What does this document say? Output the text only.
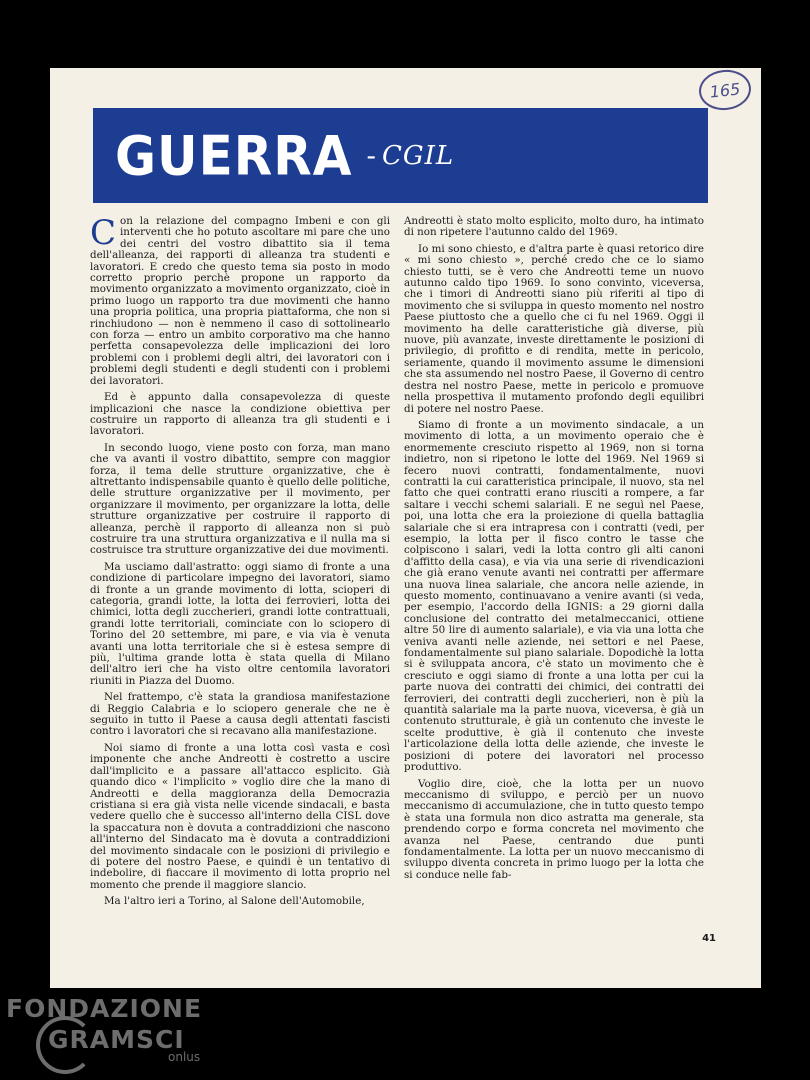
165
GUERRA - CGIL

Con la relazione del compagno Imbeni e con gli interventi che ho potuto ascoltare mi pare che uno dei centri del vostro dibattito sia il tema dell'alleanza, dei rapporti di alleanza tra studenti e lavoratori. E credo che questo tema sia posto in modo corretto proprio perchè propone un rapporto da movimento organizzato a movimento organizzato, cioè in primo luogo un rapporto tra due movimenti che hanno una propria politica, una propria piattaforma, che non si rinchiudono — non è nemmeno il caso di sottolinearlo con forza — entro un ambito corporativo ma che hanno perfetta consapevolezza delle implicazioni dei loro problemi con i problemi degli altri, dei lavoratori con i problemi degli studenti e degli studenti con i problemi dei lavoratori.

Ed è appunto dalla consapevolezza di queste implicazioni che nasce la condizione obiettiva per costruire un rapporto di alleanza tra gli studenti e i lavoratori.

In secondo luogo, viene posto con forza, man mano che va avanti il vostro dibattito, sempre con maggior forza, il tema delle strutture organizzative, che è altrettanto indispensabile quanto è quello delle politiche, delle strutture organizzative per il movimento, per organizzare il movimento, per organizzare la lotta, delle strutture organizzative per costruire il rapporto di alleanza, perchè il rapporto di alleanza non si può costruire tra una struttura organizzativa e il nulla ma si costruisce tra strutture organizzative dei due movimenti.

Ma usciamo dall'astratto: oggi siamo di fronte a una condizione di particolare impegno dei lavoratori, siamo di fronte a un grande movimento di lotta, scioperi di categoria, grandi lotte, la lotta dei ferrovieri, lotta dei chimici, lotta degli zuccherieri, grandi lotte contrattuali, grandi lotte territoriali, cominciate con lo sciopero di Torino del 20 settembre, mi pare, e via via è venuta avanti una lotta territoriale che si è estesa sempre di più, l'ultima grande lotta è stata quella di Milano dell'altro ieri che ha visto oltre centomila lavoratori riuniti in Piazza del Duomo.

Nel frattempo, c'è stata la grandiosa manifestazione di Reggio Calabria e lo sciopero generale che ne è seguito in tutto il Paese a causa degli attentati fascisti contro i lavoratori che si recavano alla manifestazione.

Noi siamo di fronte a una lotta così vasta e così imponente che anche Andreotti è costretto a uscire dall'implicito e a passare all'attacco esplicito. Già quando dico « l'implicito » voglio dire che la mano di Andreotti e della maggioranza della Democrazia cristiana si era già vista nelle vicende sindacali, e basta vedere quello che è successo all'interno della CISL dove la spaccatura non è dovuta a contraddizioni che nascono all'interno del Sindacato ma è dovuta a contraddizioni del movimento sindacale con le posizioni di privilegio e di potere del nostro Paese, e quindi è un tentativo di indebolire, di fiaccare il movimento di lotta proprio nel momento che prende il maggiore slancio.

Ma l'altro ieri a Torino, al Salone dell'Automobile,

Andreotti è stato molto esplicito, molto duro, ha intimato di non ripetere l'autunno caldo del 1969.

Io mi sono chiesto, e d'altra parte è quasi retorico dire « mi sono chiesto », perché credo che ce lo siamo chiesto tutti, se è vero che Andreotti teme un nuovo autunno caldo tipo 1969. Io sono convinto, viceversa, che i timori di Andreotti siano più riferiti al tipo di movimento che si sviluppa in questo momento nel nostro Paese piuttosto che a quello che ci fu nel 1969. Oggi il movimento ha delle caratteristiche già diverse, più nuove, più avanzate, investe direttamente le posizioni di privilegio, di profitto e di rendita, mette in pericolo, seriamente, quando il movimento assume le dimensioni che sta assumendo nel nostro Paese, il Governo di centro destra nel nostro Paese, mette in pericolo e promuove nella prospettiva il mutamento profondo degli equilibri di potere nel nostro Paese.

Siamo di fronte a un movimento sindacale, a un movimento di lotta, a un movimento operaio che è enormemente cresciuto rispetto al 1969, non si torna indietro, non si ripetono le lotte del 1969. Nel 1969 si fecero nuovi contratti, fondamentalmente, nuovi contratti la cui caratteristica principale, il nuovo, sta nel fatto che quei contratti erano riusciti a rompere, a far saltare i vecchi schemi salariali. E ne seguì nel Paese, poi, una lotta che era la proiezione di quella battaglia salariale che si era intrapresa con i contratti (vedi, per esempio, la lotta per il fisco contro le tasse che colpiscono i salari, vedi la lotta contro gli alti canoni d'affitto della casa), e via via una serie di rivendicazioni che già erano venute avanti nei contratti per affermare una nuova linea salariale, che ancora nelle aziende, in questo momento, continuavano a venire avanti (si veda, per esempio, l'accordo della IGNIS: a 29 giorni dalla conclusione del contratto dei metalmeccanici, ottiene altre 50 lire di aumento salariale), e via via una lotta che veniva avanti nelle aziende, nei settori e nel Paese, fondamentalmente sul piano salariale. Dopodichè la lotta si è sviluppata ancora, c'è stato un movimento che è cresciuto e oggi siamo di fronte a una lotta per cui la parte nuova dei contratti dei chimici, dei contratti dei ferrovieri, dei contratti degli zuccherieri, non è più la quantità salariale ma la parte nuova, viceversa, è già un contenuto strutturale, è già un contenuto che investe le scelte produttive, è già il contenuto che investe l'articolazione della lotta delle aziende, che investe le posizioni di potere dei lavoratori nel processo produttivo.

Voglio dire, cioè, che la lotta per un nuovo meccanismo di sviluppo, e perciò per un nuovo meccanismo di accumulazione, che in tutto questo tempo è stata una formula non dico astratta ma generale, sta prendendo corpo e forma concreta nel movimento che avanza nel Paese, centrando due punti fondamentalmente. La lotta per un nuovo meccanismo di sviluppo diventa concreta in primo luogo per la lotta che si conduce nelle fab-

41
FONDAZIONE
GRAMSCI
onlus
